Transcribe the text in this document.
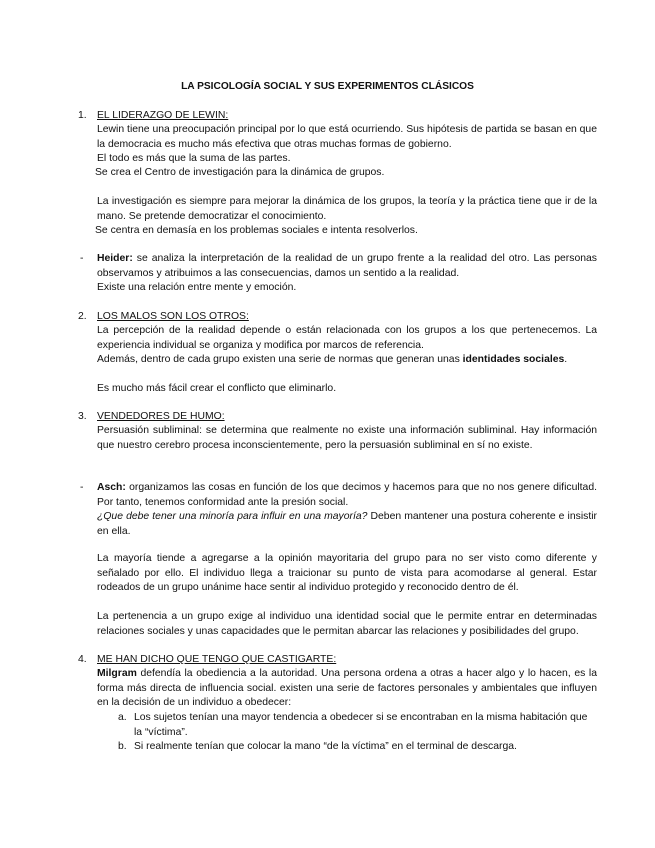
LA PSICOLOGÍA SOCIAL Y SUS EXPERIMENTOS CLÁSICOS
1. EL LIDERAZGO DE LEWIN:

Lewin tiene una preocupación principal por lo que está ocurriendo. Sus hipótesis de partida se basan en que la democracia es mucho más efectiva que otras muchas formas de gobierno.

El todo es más que la suma de las partes.
Se crea el Centro de investigación para la dinámica de grupos.

La investigación es siempre para mejorar la dinámica de los grupos, la teoría y la práctica tiene que ir de la mano. Se pretende democratizar el conocimiento.

Se centra en demasía en los problemas sociales e intenta resolverlos.
- Heider: se analiza la interpretación de la realidad de un grupo frente a la realidad del otro. Las personas observamos y atribuimos a las consecuencias, damos un sentido a la realidad.

Existe una relación entre mente y emoción.
2. LOS MALOS SON LOS OTROS:

La percepción de la realidad depende o están relacionada con los grupos a los que pertenecemos. La experiencia individual se organiza y modifica por marcos de referencia.

Además, dentro de cada grupo existen una serie de normas que generan unas identidades sociales.
Es mucho más fácil crear el conflicto que eliminarlo.
3. VENDEDORES DE HUMO:

Persuasión subliminal: se determina que realmente no existe una información subliminal. Hay información que nuestro cerebro procesa inconscientemente, pero la persuasión subliminal en sí no existe.

- Asch: organizamos las cosas en función de los que decimos y hacemos para que no nos genere dificultad. Por tanto, tenemos conformidad ante la presión social.

¿Que debe tener una minoría para influir en una mayoría? Deben mantener una postura coherente e insistir en ella.

La mayoría tiende a agregarse a la opinión mayoritaria del grupo para no ser visto como diferente y señalado por ello. El individuo llega a traicionar su punto de vista para acomodarse al general. Estar rodeados de un grupo unánime hace sentir al individuo protegido y reconocido dentro de él.

La pertenencia a un grupo exige al individuo una identidad social que le permite entrar en determinadas relaciones sociales y unas capacidades que le permitan abarcar las relaciones y posibilidades del grupo.

4. ME HAN DICHO QUE TENGO QUE CASTIGARTE:

Milgram defendía la obediencia a la autoridad. Una persona ordena a otras a hacer algo y lo hacen, es la forma más directa de influencia social. existen una serie de factores personales y ambientales que influyen en la decisión de un individuo a obedecer:

a. Los sujetos tenían una mayor tendencia a obedecer si se encontraban en la misma habitación que la “víctima”.

b. Si realmente tenían que colocar la mano “de la víctima” en el terminal de descarga.
